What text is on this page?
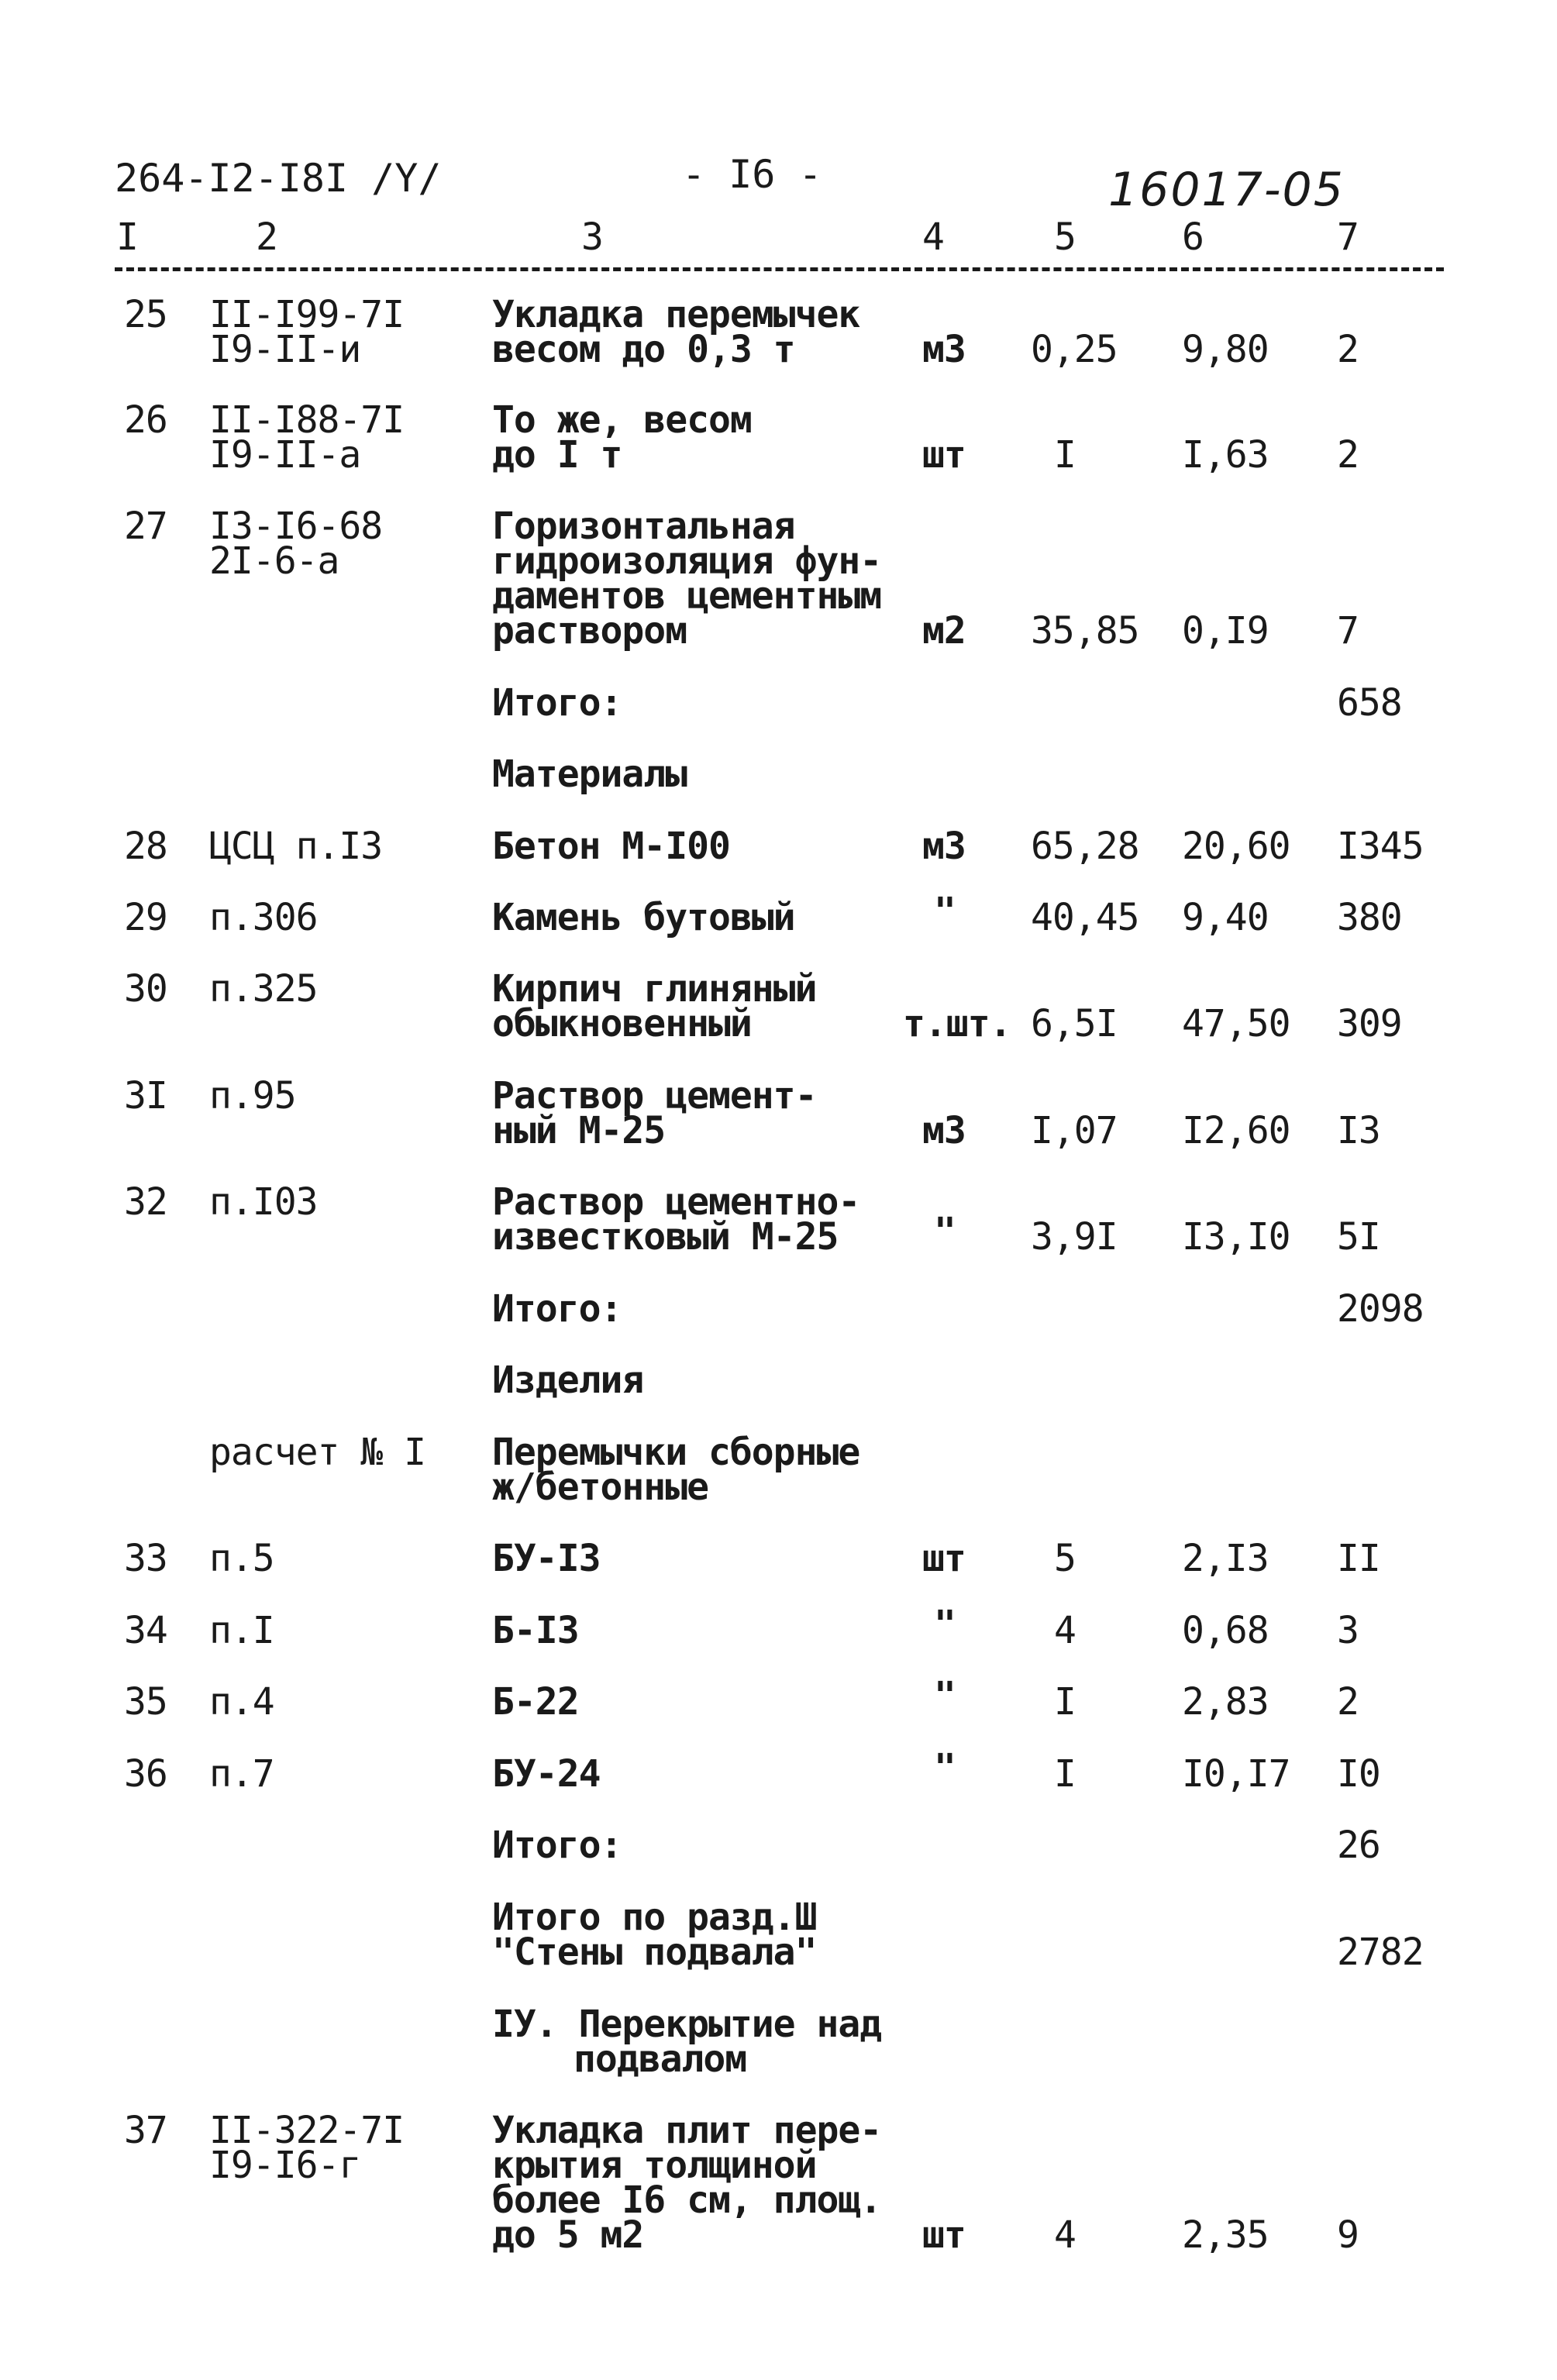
264-I2-I8I /Y/	- I6 -	16017-05
I	2	3	4	5	6	7
25 II-I99-7I
I9-II-и
Укладка перемычек
весом до 0,3 т	м3 0,25 9,80 2
26 II-I88-7I
I9-II-а
То же, весом
до I т	шт I	I,63 2
27 I3-I6-68
2I-6-а
Горизонтальная
гидроизоляция фун-
даментов цементным
раствором	м2 35,85 0,I9 7
Итого:	658
Материалы
28 ЦСЦ п.I3	Бетон М-I00	м3 65,28 20,60 I345
29 п.306	Камень бутовый	" 40,45 9,40 380
30 п.325	Кирпич глиняный
обыкновенный	т.шт. 6,5I 47,50 309
3I п.95	Раствор цемент-
ный М-25	м3 I,07 I2,60 I3
32 п.I03	Раствор цементно-
известковый М-25	" 3,9I I3,I0 5I
Итого:	2098
Изделия
расчет № I Перемычки сборные
ж/бетонные
33 п.5	БУ-I3	шт 5	2,I3 II
34 п.I	Б-I3	"	4	0,68 3
35 п.4	Б-22	"	I	2,83 2
36 п.7	БУ-24	"	I	I0,I7 I0
Итого:	26
Итого по разд.Ш
"Стены подвала"	2782
IУ. Перекрытие над
подвалом
37 II-322-7I
I9-I6-г
Укладка плит пере-
крытия толщиной
более I6 см, площ.
до 5 м2	шт 4	2,35 9
